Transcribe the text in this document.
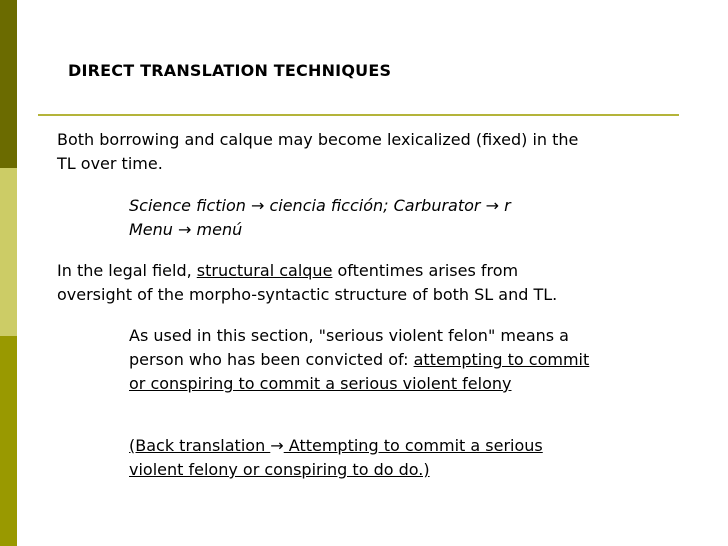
DIRECT TRANSLATION TECHNIQUES
Both borrowing and calque may become lexicalized (fixed) in the
TL over time.
Science fiction → ciencia ficción; Carburator → r
Menu → menú
In the legal field, structural calque oftentimes arises from
oversight of the morpho-syntactic structure of both SL and TL.
As used in this section, "serious violent felon" means a
person who has been convicted of: attempting to commit
or conspiring to commit a serious violent felony
(Back translation → Attempting to commit a serious
violent felony or conspiring to do do.)
